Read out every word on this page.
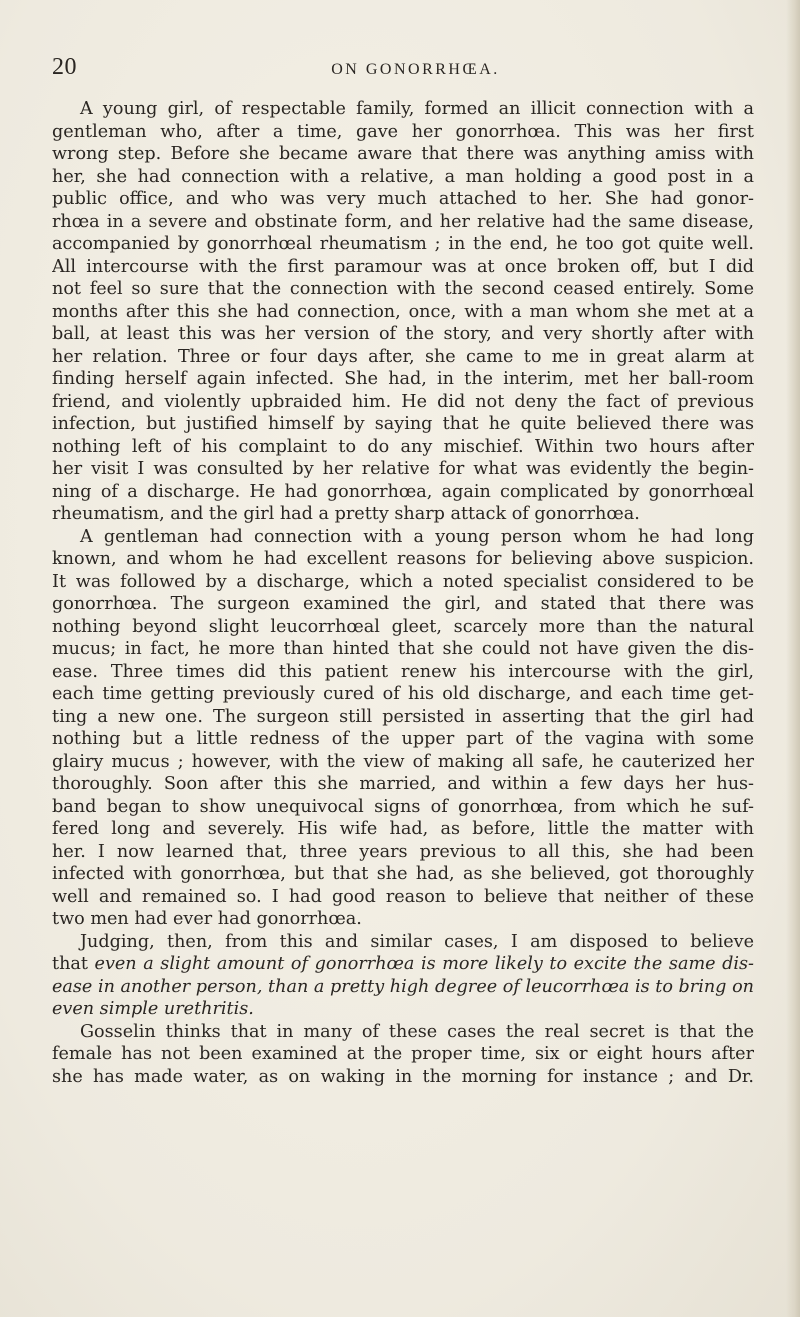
20	ON GONORRHŒA.
A young girl, of respectable family, formed an illicit connection with a
gentleman who, after a time, gave her gonorrhœa. This was her first
wrong step. Before she became aware that there was anything amiss with
her, she had connection with a relative, a man holding a good post in a
public office, and who was very much attached to her. She had gonor-
rhœa in a severe and obstinate form, and her relative had the same disease,
accompanied by gonorrhœal rheumatism ; in the end, he too got quite well.
All intercourse with the first paramour was at once broken off, but I did
not feel so sure that the connection with the second ceased entirely. Some
months after this she had connection, once, with a man whom she met at a
ball, at least this was her version of the story, and very shortly after with
her relation. Three or four days after, she came to me in great alarm at
finding herself again infected. She had, in the interim, met her ball-room
friend, and violently upbraided him. He did not deny the fact of previous
infection, but justified himself by saying that he quite believed there was
nothing left of his complaint to do any mischief. Within two hours after
her visit I was consulted by her relative for what was evidently the begin-
ning of a discharge. He had gonorrhœa, again complicated by gonorrhœal
rheumatism, and the girl had a pretty sharp attack of gonorrhœa.
A gentleman had connection with a young person whom he had long
known, and whom he had excellent reasons for believing above suspicion.
It was followed by a discharge, which a noted specialist considered to be
gonorrhœa. The surgeon examined the girl, and stated that there was
nothing beyond slight leucorrhœal gleet, scarcely more than the natural
mucus; in fact, he more than hinted that she could not have given the dis-
ease. Three times did this patient renew his intercourse with the girl,
each time getting previously cured of his old discharge, and each time get-
ting a new one. The surgeon still persisted in asserting that the girl had
nothing but a little redness of the upper part of the vagina with some
glairy mucus ; however, with the view of making all safe, he cauterized her
thoroughly. Soon after this she married, and within a few days her hus-
band began to show unequivocal signs of gonorrhœa, from which he suf-
fered long and severely. His wife had, as before, little the matter with
her. I now learned that, three years previous to all this, she had been
infected with gonorrhœa, but that she had, as she believed, got thoroughly
well and remained so. I had good reason to believe that neither of these
two men had ever had gonorrhœa.
Judging, then, from this and similar cases, I am disposed to believe
that even a slight amount of gonorrhœa is more likely to excite the same dis-
ease in another person, than a pretty high degree of leucorrhœa is to bring on
even simple urethritis.
Gosselin thinks that in many of these cases the real secret is that the
female has not been examined at the proper time, six or eight hours after
she has made water, as on waking in the morning for instance ; and Dr.
